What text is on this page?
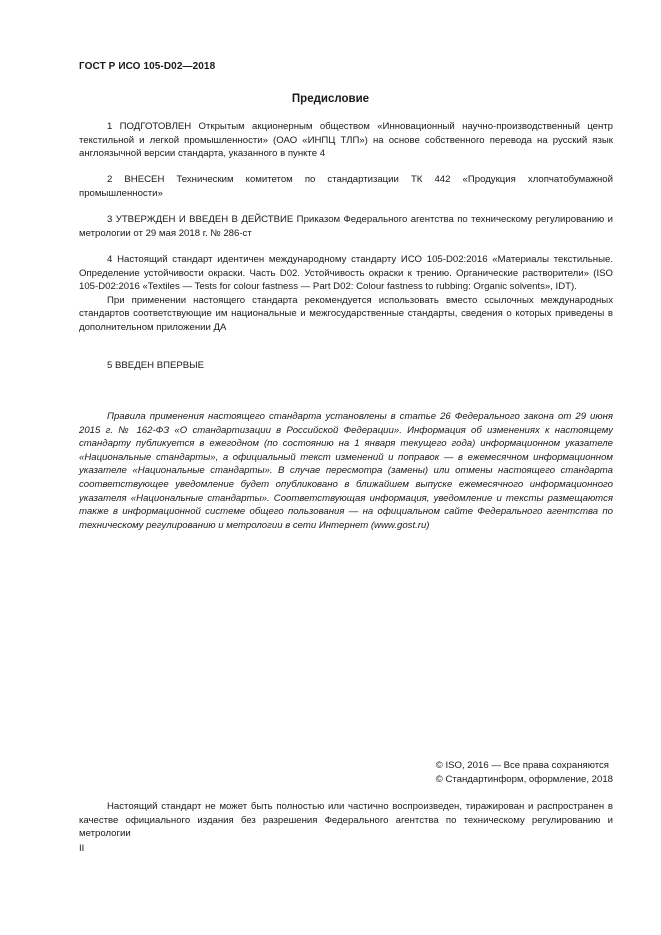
ГОСТ Р ИСО 105-D02—2018
Предисловие

1 ПОДГОТОВЛЕН Открытым акционерным обществом «Инновационный научно-производственный центр текстильной и легкой промышленности» (ОАО «ИНПЦ ТЛП») на основе собственного перевода на русский язык англоязычной версии стандарта, указанного в пункте 4

2 ВНЕСЕН Техническим комитетом по стандартизации ТК 442 «Продукция хлопчатобумажной промышленности»

3 УТВЕРЖДЕН И ВВЕДЕН В ДЕЙСТВИЕ Приказом Федерального агентства по техническому регулированию и метрологии от 29 мая 2018 г. № 286-ст

4 Настоящий стандарт идентичен международному стандарту ИСО 105-D02:2016 «Материалы текстильные. Определение устойчивости окраски. Часть D02. Устойчивость окраски к трению. Органические растворители» (ISO 105-D02:2016 «Textiles — Tests for colour fastness — Part D02: Colour fastness to rubbing: Organic solvents», IDT).

При применении настоящего стандарта рекомендуется использовать вместо ссылочных международных стандартов соответствующие им национальные и межгосударственные стандарты, сведения о которых приведены в дополнительном приложении ДА

5 ВВЕДЕН ВПЕРВЫЕ

Правила применения настоящего стандарта установлены в статье 26 Федерального закона от 29 июня 2015 г. № 162-ФЗ «О стандартизации в Российской Федерации». Информация об изменениях к настоящему стандарту публикуется в ежегодном (по состоянию на 1 января текущего года) информационном указателе «Национальные стандарты», а официальный текст изменений и поправок — в ежемесячном информационном указателе «Национальные стандарты». В случае пересмотра (замены) или отмены настоящего стандарта соответствующее уведомление будет опубликовано в ближайшем выпуске ежемесячного информационного указателя «Национальные стандарты». Соответствующая информация, уведомление и тексты размещаются также в информационной системе общего пользования — на официальном сайте Федерального агентства по техническому регулированию и метрологии в сети Интернет (www.gost.ru)

© ISO, 2016 — Все права сохраняются
© Стандартинформ, оформление, 2018

Настоящий стандарт не может быть полностью или частично воспроизведен, тиражирован и распространен в качестве официального издания без разрешения Федерального агентства по техническому регулированию и метрологии

II
